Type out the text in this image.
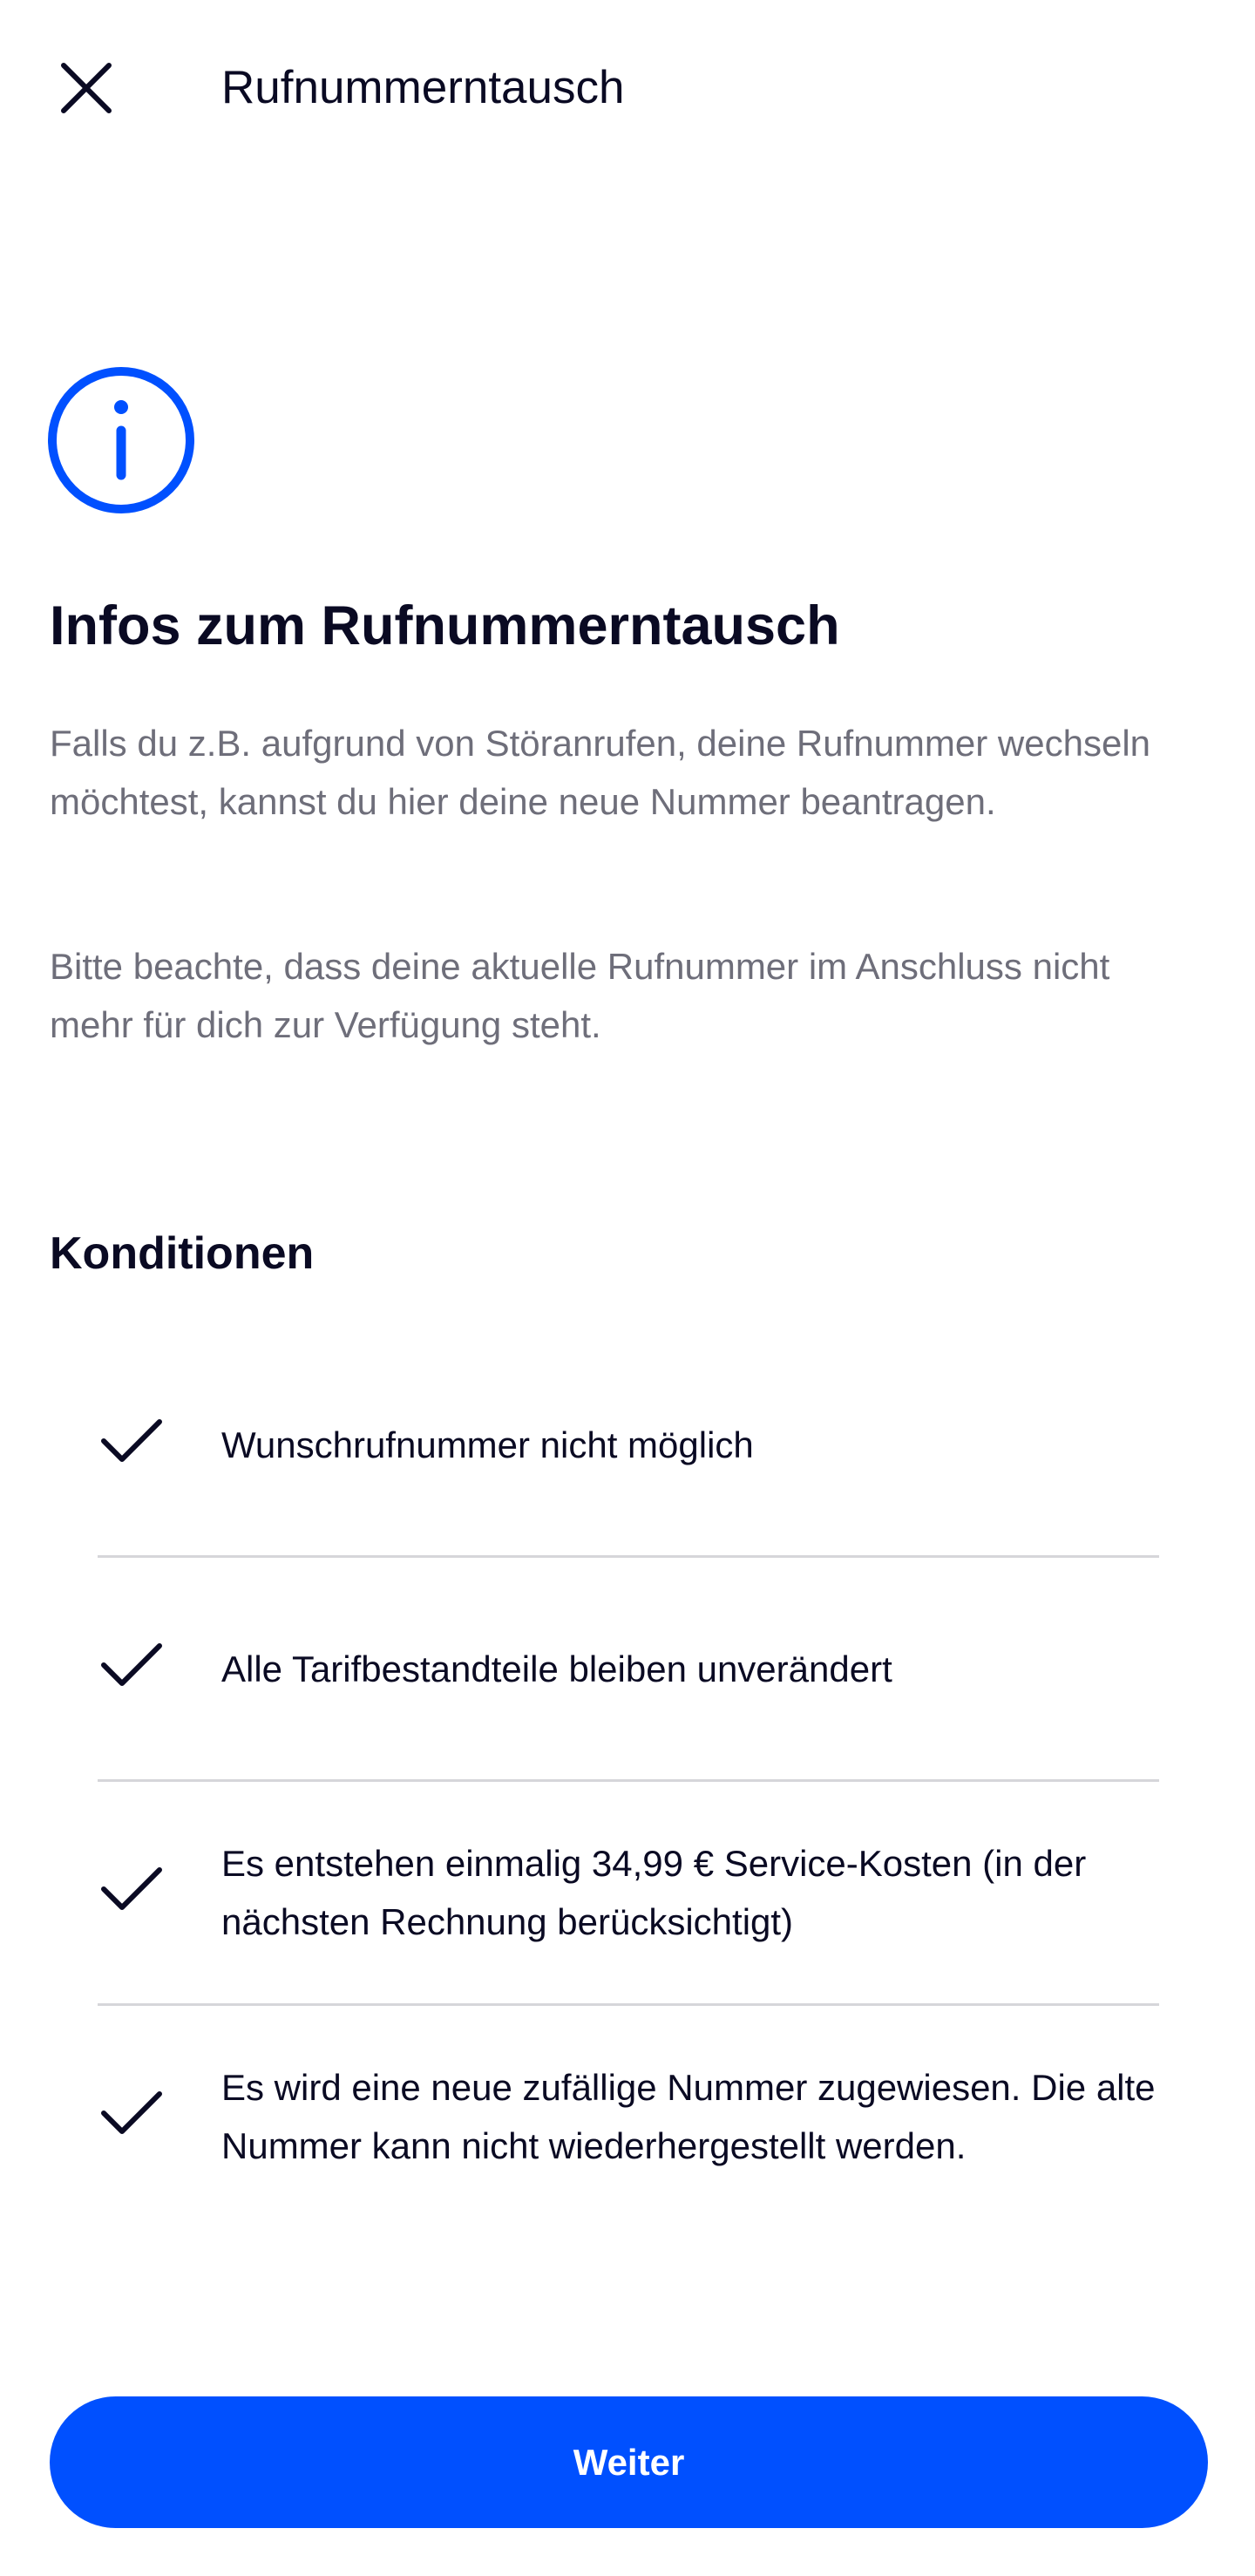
Rufnummerntausch
Infos zum Rufnummerntausch
Falls du z.B. aufgrund von Störanrufen, deine Rufnummer wechseln möchtest, kannst du hier deine neue Nummer beantragen.
Bitte beachte, dass deine aktuelle Rufnummer im Anschluss nicht mehr für dich zur Verfügung steht.
Konditionen
Wunschrufnummer nicht möglich
Alle Tarifbestandteile bleiben unverändert
Es entstehen einmalig 34,99 € Service-Kosten (in der nächsten Rechnung berücksichtigt)
Es wird eine neue zufällige Nummer zugewiesen. Die alte Nummer kann nicht wiederhergestellt werden.
Weiter
